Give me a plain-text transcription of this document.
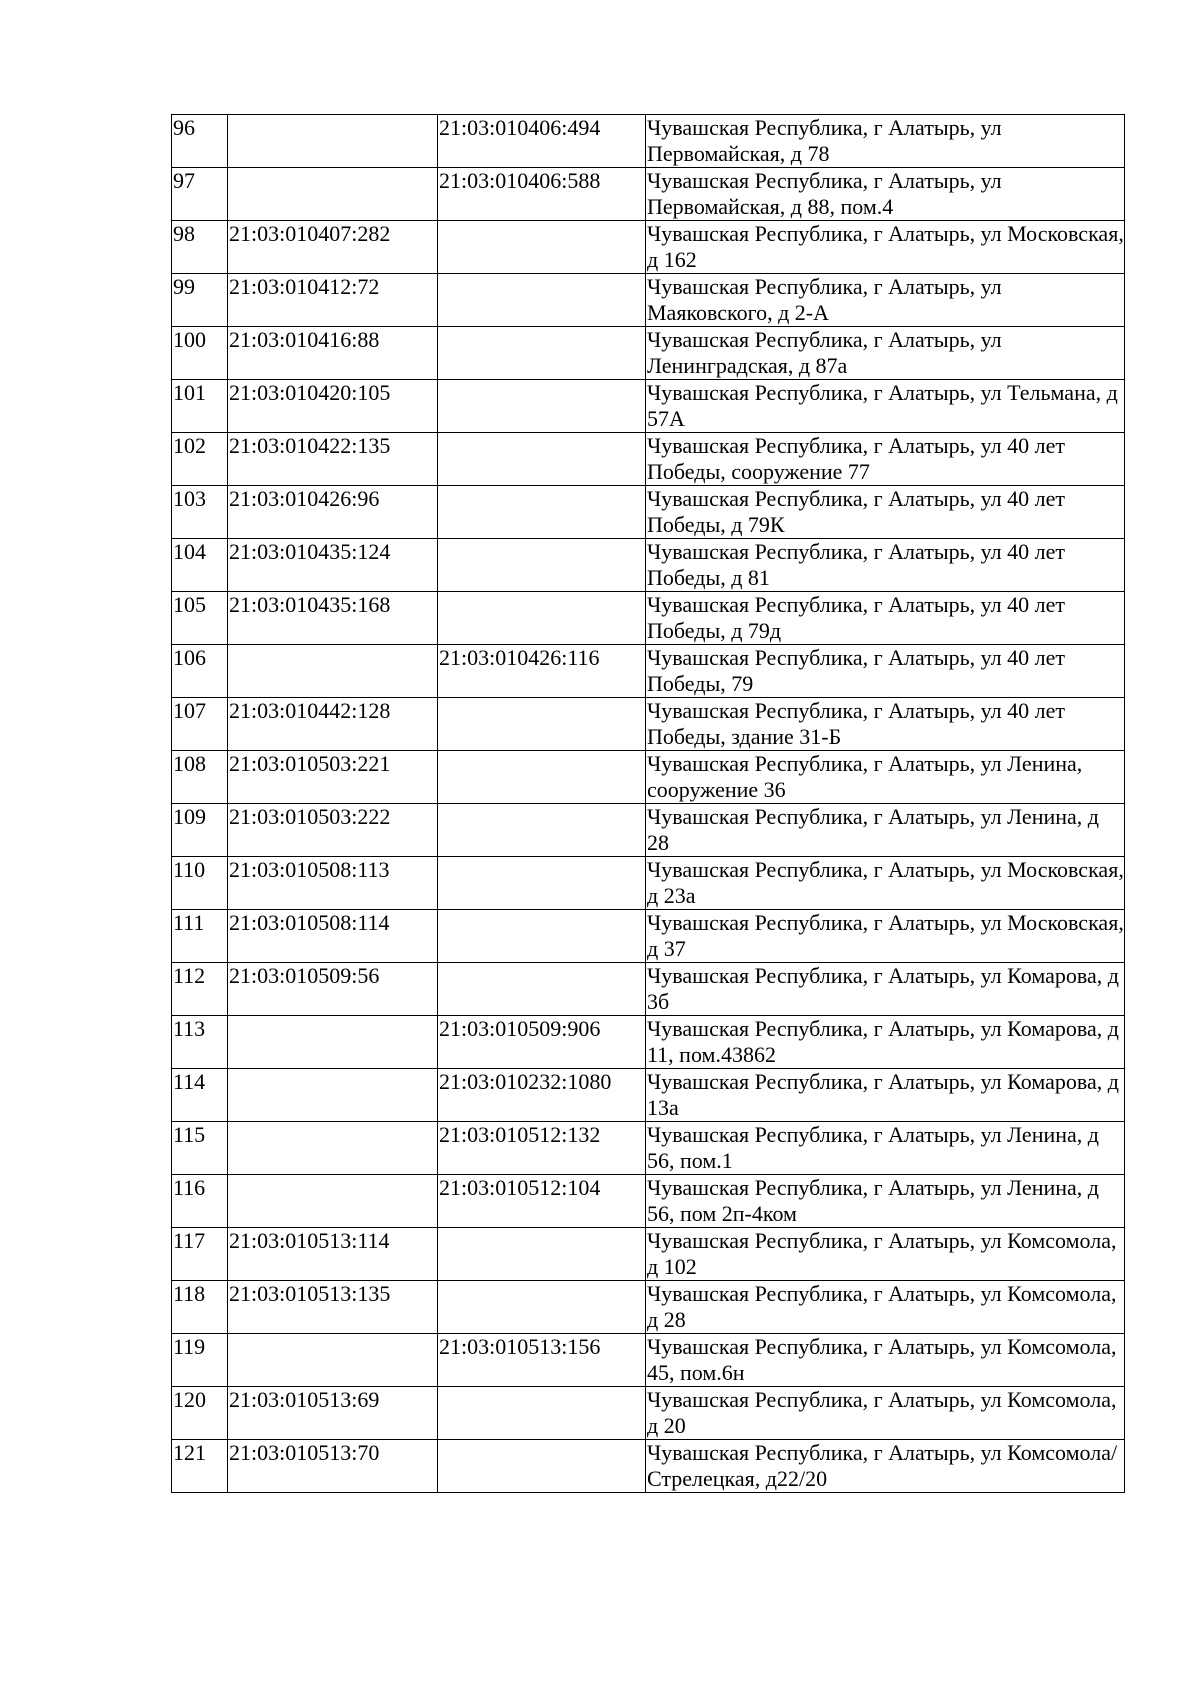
96		21:03:010406:494	Чувашская Республика, г Алатырь, ул Первомайская, д 78
97		21:03:010406:588	Чувашская Республика, г Алатырь, ул Первомайская, д 88, пом.4
98	21:03:010407:282		Чувашская Республика, г Алатырь, ул Московская, д 162
99	21:03:010412:72		Чувашская Республика, г Алатырь, ул Маяковского, д 2-А
100	21:03:010416:88		Чувашская Республика, г Алатырь, ул Ленинградская, д 87а
101	21:03:010420:105		Чувашская Республика, г Алатырь, ул Тельмана, д 57А
102	21:03:010422:135		Чувашская Республика, г Алатырь, ул 40 лет Победы, сооружение 77
103	21:03:010426:96		Чувашская Республика, г Алатырь, ул 40 лет Победы, д 79К
104	21:03:010435:124		Чувашская Республика, г Алатырь, ул 40 лет Победы, д 81
105	21:03:010435:168		Чувашская Республика, г Алатырь, ул 40 лет Победы, д 79д
106		21:03:010426:116	Чувашская Республика, г Алатырь, ул 40 лет Победы, 79
107	21:03:010442:128		Чувашская Республика, г Алатырь, ул 40 лет Победы, здание 31-Б
108	21:03:010503:221		Чувашская Республика, г Алатырь, ул Ленина, сооружение 36
109	21:03:010503:222		Чувашская Республика, г Алатырь, ул Ленина, д 28
110	21:03:010508:113		Чувашская Республика, г Алатырь, ул Московская, д 23а
111	21:03:010508:114		Чувашская Республика, г Алатырь, ул Московская, д 37
112	21:03:010509:56		Чувашская Республика, г Алатырь, ул Комарова, д 3б
113		21:03:010509:906	Чувашская Республика, г Алатырь, ул Комарова, д 11, пом.43862
114		21:03:010232:1080	Чувашская Республика, г Алатырь, ул Комарова, д 13а
115		21:03:010512:132	Чувашская Республика, г Алатырь, ул Ленина, д 56, пом.1
116		21:03:010512:104	Чувашская Республика, г Алатырь, ул Ленина, д 56, пом 2п-4ком
117	21:03:010513:114		Чувашская Республика, г Алатырь, ул Комсомола, д 102
118	21:03:010513:135		Чувашская Республика, г Алатырь, ул Комсомола, д 28
119		21:03:010513:156	Чувашская Республика, г Алатырь, ул Комсомола, 45, пом.6н
120	21:03:010513:69		Чувашская Республика, г Алатырь, ул Комсомола, д 20
121	21:03:010513:70		Чувашская Республика, г Алатырь, ул Комсомола/Стрелецкая, д22/20
